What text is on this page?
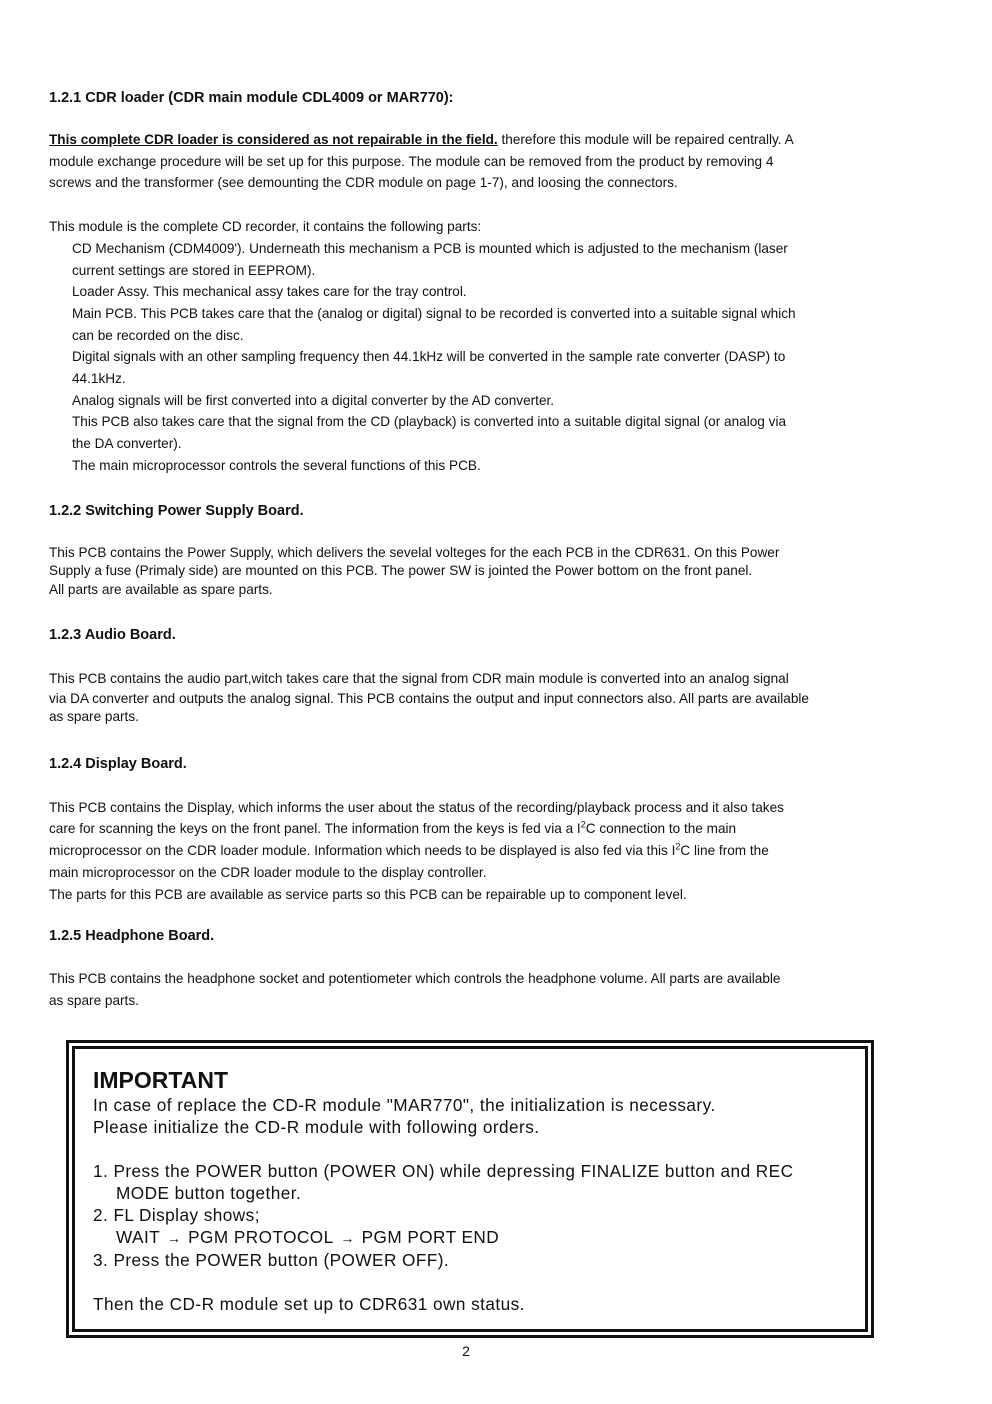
1.2.1 CDR loader (CDR main module CDL4009 or MAR770):

This complete CDR loader is considered as not repairable in the field. therefore this module will be repaired centrally. A

module exchange procedure will be set up for this purpose. The module can be removed from the product by removing 4

screws and the transformer (see demounting the CDR module on page 1-7), and loosing the connectors.

This module is the complete CD recorder, it contains the following parts:

CD Mechanism (CDM4009'). Underneath this mechanism a PCB is mounted which is adjusted to the mechanism (laser

current settings are stored in EEPROM).

Loader Assy. This mechanical assy takes care for the tray control.

Main PCB. This PCB takes care that the (analog or digital) signal to be recorded is converted into a suitable signal which

can be recorded on the disc.

Digital signals with an other sampling frequency then 44.1kHz will be converted in the sample rate converter (DASP) to

44.1kHz.

Analog signals will be first converted into a digital converter by the AD converter.

This PCB also takes care that the signal from the CD (playback) is converted into a suitable digital signal (or analog via

the DA converter).

The main microprocessor controls the several functions of this PCB.

1.2.2 Switching Power Supply Board.

This PCB contains the Power Supply, which delivers the sevelal volteges for the each PCB in the CDR631. On this Power

Supply a fuse (Primaly side) are mounted on this PCB. The power SW is jointed the Power bottom on the front panel.

All parts are available as spare parts.

1.2.3 Audio Board.

This PCB contains the audio part,witch takes care that the signal from CDR main module is converted into an analog signal

via DA converter and outputs the analog signal. This PCB contains the output and input connectors also. All parts are available

as spare parts.

1.2.4 Display Board.

This PCB contains the Display, which informs the user about the status of the recording/playback process and it also takes

care for scanning the keys on the front panel. The information from the keys is fed via a $I^2C$ connection to the main

microprocessor on the CDR loader module. Information which needs to be displayed is also fed via this $I^2C$ line from the

main microprocessor on the CDR loader module to the display controller.

The parts for this PCB are available as service parts so this PCB can be repairable up to component level.

1.2.5 Headphone Board.

This PCB contains the headphone socket and potentiometer which controls the headphone volume. All parts are available

as spare parts.

IMPORTANT

In case of replace the CD-R module "MAR770", the initialization is necessary.

Please initialize the CD-R module with following orders.

1. Press the POWER button (POWER ON) while depressing FINALIZE button and REC

MODE button together.

2. FL Display shows;

WAIT → PGM PROTOCOL → PGM PORT END

3. Press the POWER button (POWER OFF).

Then the CD-R module set up to CDR631 own status.

2
